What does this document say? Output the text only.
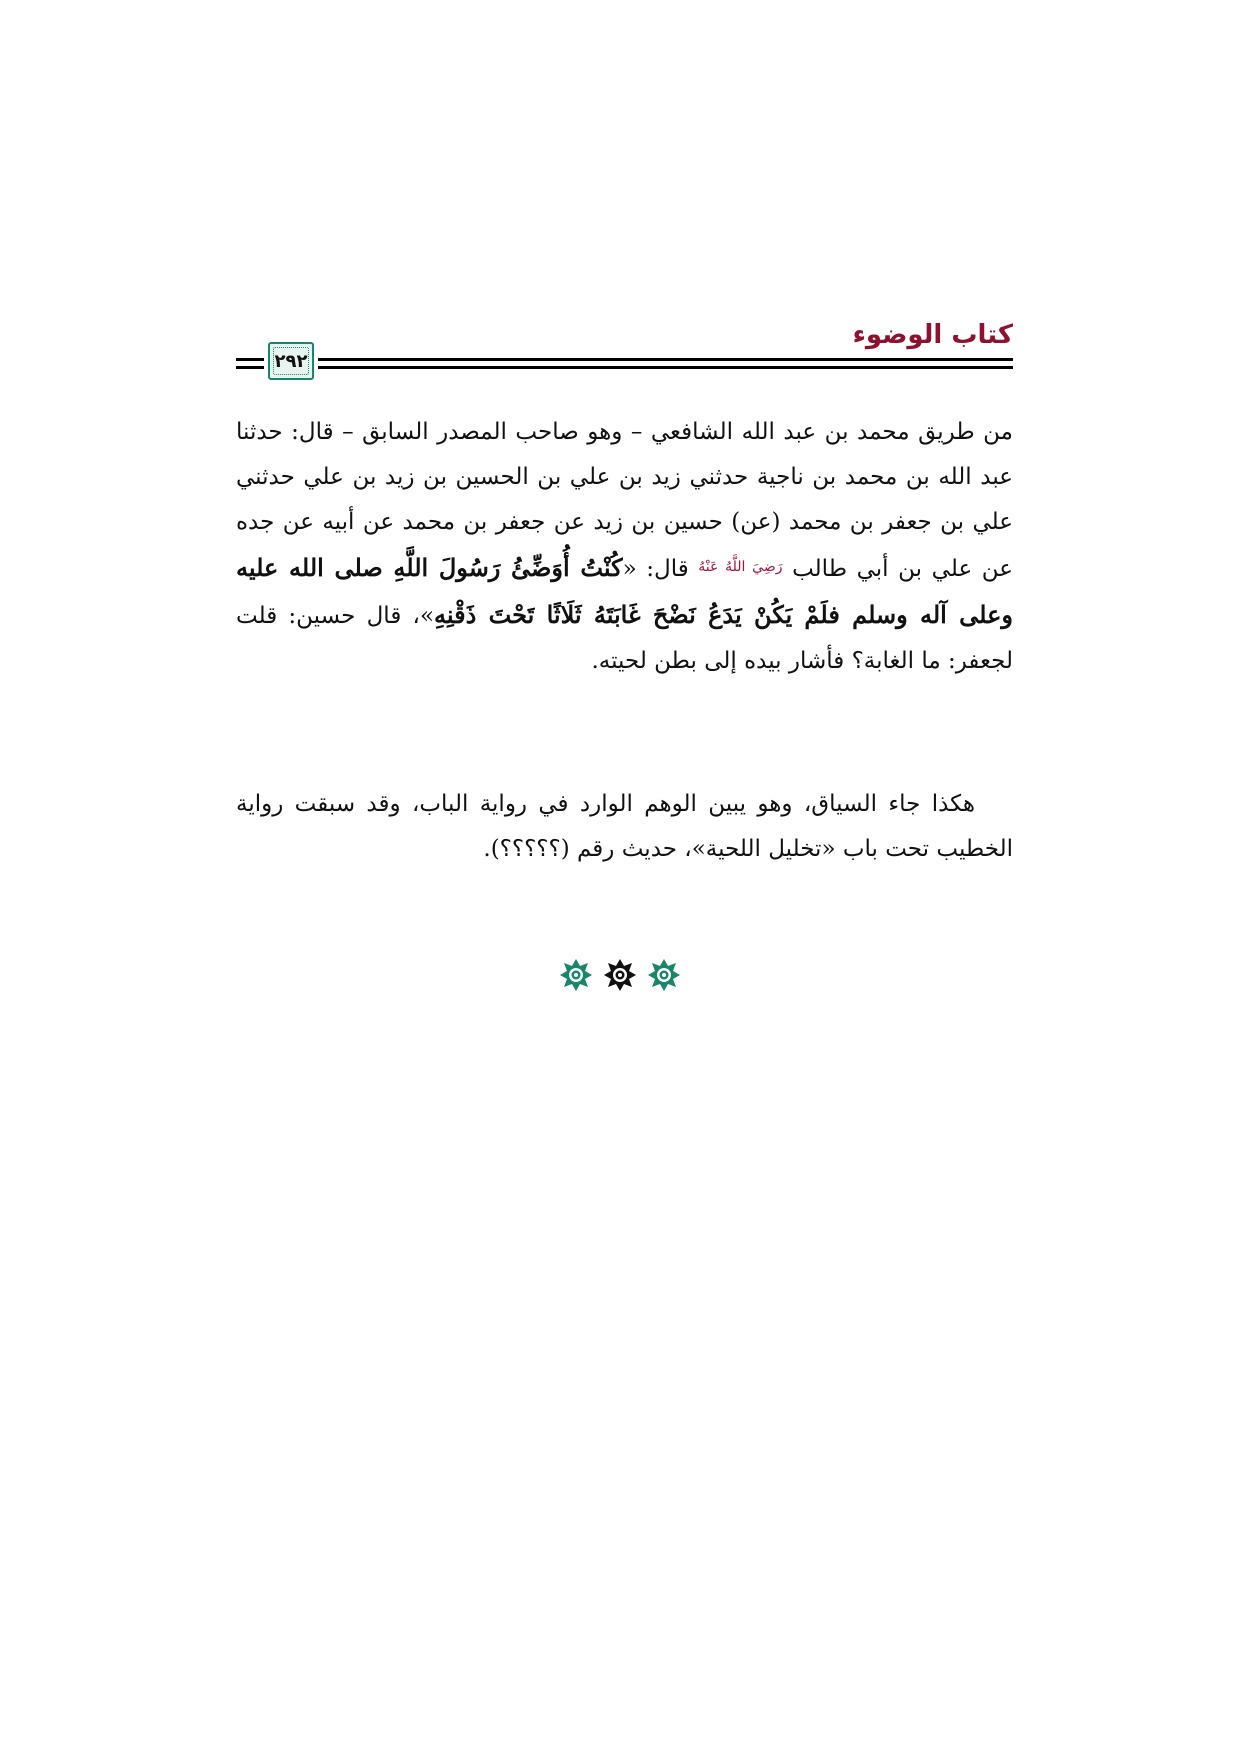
كتاب الوضوء
٢٩٢
من طريق محمد بن عبد الله الشافعي – وهو صاحب المصدر السابق – قال: حدثنا عبد الله بن محمد بن ناجية حدثني زيد بن علي بن الحسين بن زيد بن علي حدثني علي بن جعفر بن محمد (عن) حسين بن زيد عن جعفر بن محمد عن أبيه عن جده عن علي بن أبي طالب $^{رَضِيَ اللَّهُ عَنْهُ}$ قال: «كُنْتُ أُوَضِّئُ رَسُولَ اللَّهِ صلى الله عليه وعلى آله وسلم فلَمْ يَكُنْ يَدَعُ نَضْحَ غَابَتَهُ ثَلَاثًا تَحْتَ ذَقْنِهِ»، قال حسين: قلت لجعفر: ما الغابة؟ فأشار بيده إلى بطن لحيته.
هكذا جاء السياق، وهو يبين الوهم الوارد في رواية الباب، وقد سبقت رواية الخطيب تحت باب «تخليل اللحية»، حديث رقم (؟؟؟؟؟).
